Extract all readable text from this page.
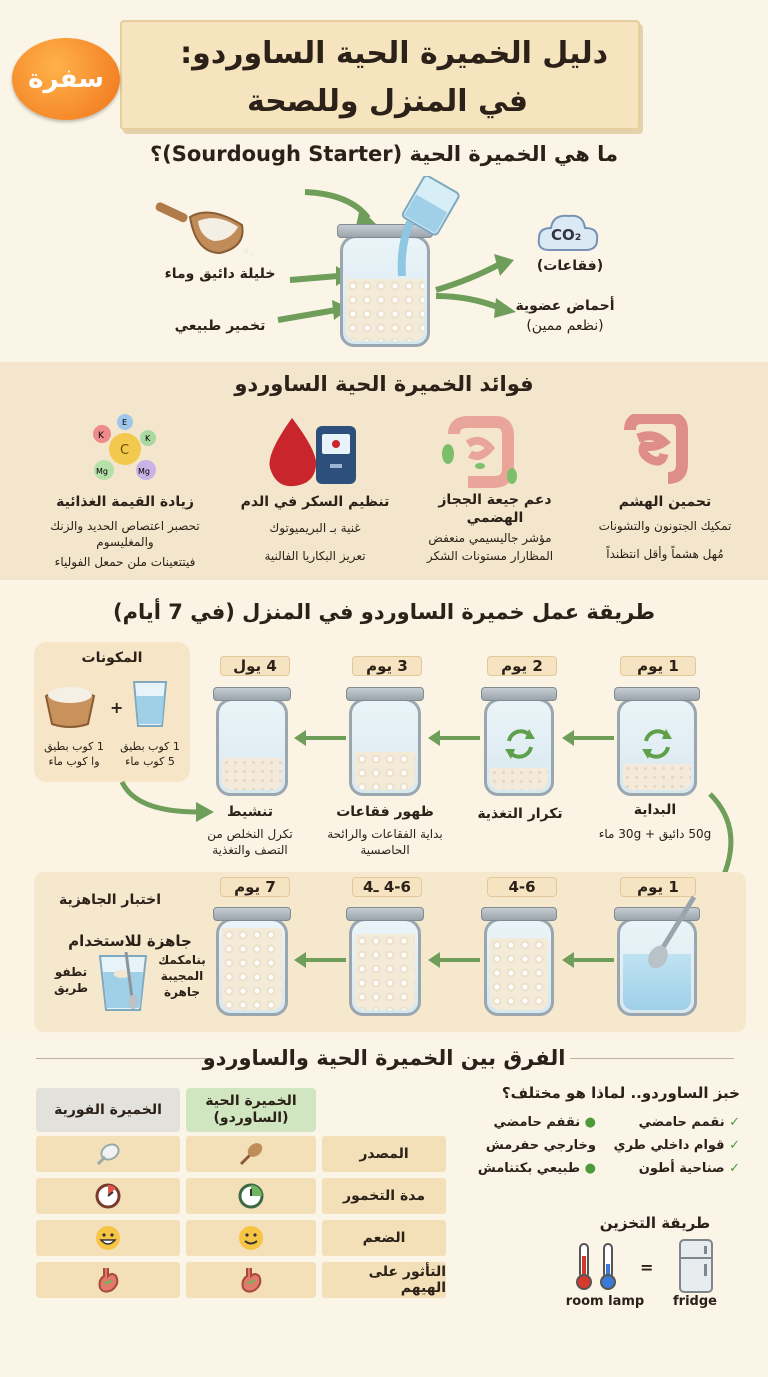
دليل الخميرة الحية الساوردو:
في المنزل وللصحة
سفرة
ما هي الخميرة الحية (Sourdough Starter)؟
خليلة دائيق وماء
تخمير طبيعي
CO₂
(فقاعات)
أحماض عضوية
(نظعم ممين)
فوائد الخميرة الحية الساوردو
C
K
E
K
Mg	Mg
تحمين الهشم
تمكيك الجتونون والتشونات
مُهل هشماً وأقل انتظنداً
دعم جيعة الججاز الهضمي
مؤشر جاليسيمي منعفض
المظارار مستونات الشكر
تنظيم السكر في الدم
غنية بـ البريميوتوك
تعريز البكاريا الفالنية
زيادة القيمة الغذائية
تحصبر اعتصاص الحديد والزنك والمغليسوم
فيتتعينات ملن حمعل الفولياء
طريقة عمل خميرة الساوردو في المنزل (في 7 أيام)
المكونات
+
1 كوب بطيق
وا كوب ماء
1 كوب بطيق
5 كوب ماء
1 يوم
2 يوم
3 يوم
4 يول
البداية
50g دائيق + 30g ماء
تكرار التغذية
ظهور فقاعات
بداية الفقاعات والرائحة الحاصسية
تنشيط
تكرل النخلص من التصف والتغذية
1 يوم
4-6
4-6 ـ4
7 يوم
اختبار الجاهزية
جاهزة للاستخدام
تطفو
طريق
بنامكمك المجيبة جاهرة
الفرق بين الخميرة الحية والساوردو
الخميرة الحية (الساوردو)
الخميرة الفورية
المصدر
مدة التخمور
الضعم
التأثور على الهيهم
خبز الساوردو.. لماذا هو مختلف؟
✓ نقمم حامضي
✓ قوام داخلي طري
✓ صناحية أطون
● نقفم حامضي
وخارجي حفرمش
● طبيعي بكتنامش
طريقة التخزين
=
room lamp	fridge
